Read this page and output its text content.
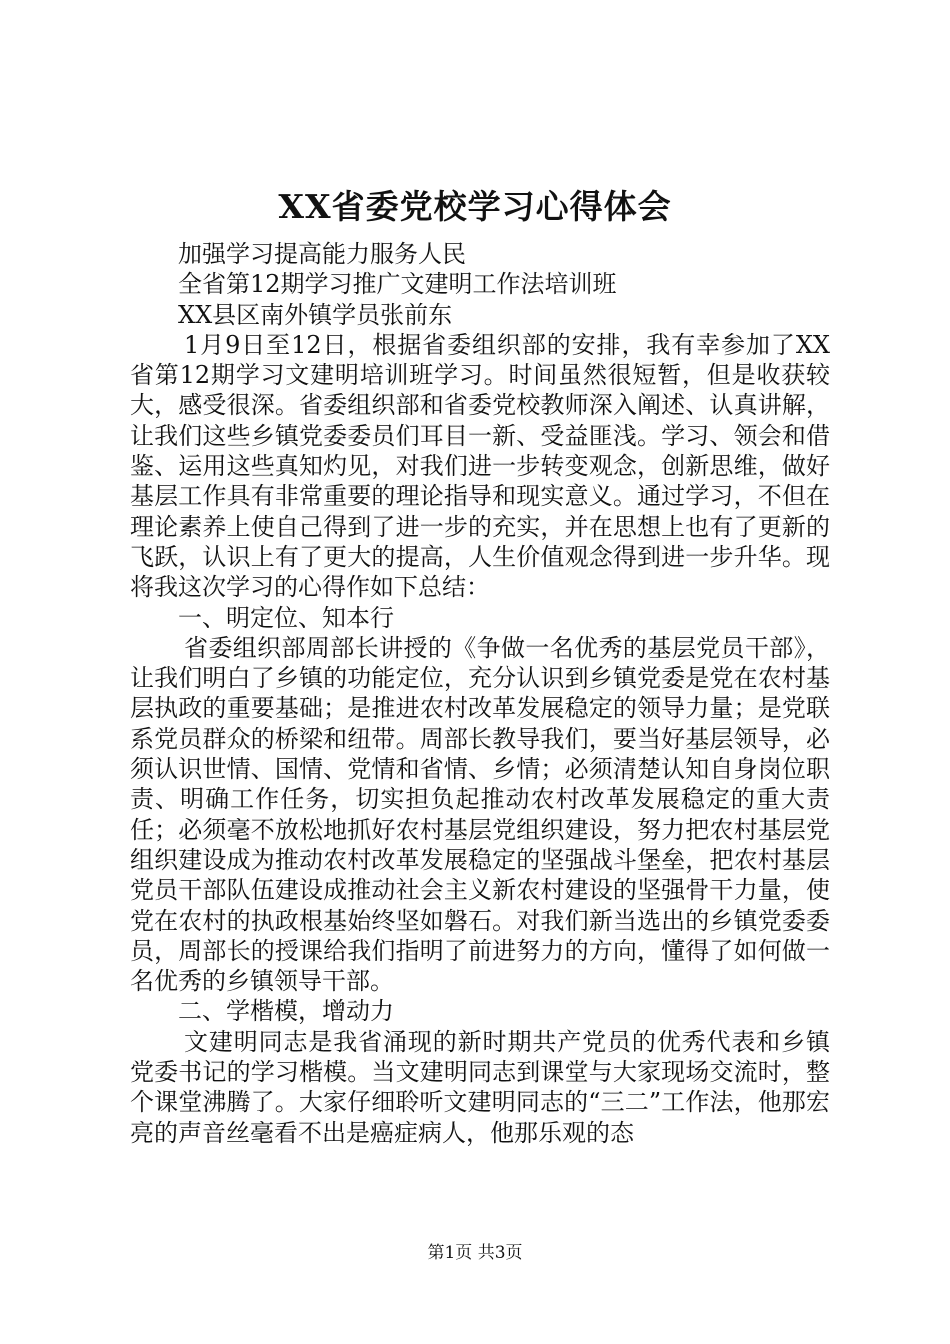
XX省委党校学习心得体会

加强学习提高能力服务人民

全省第12期学习推广文建明工作法培训班

XX县区南外镇学员张前东

1月9日至12日，根据省委组织部的安排，我有幸参加了XX省第12期学习文建明培训班学习。时间虽然很短暂，但是收获较大，感受很深。省委组织部和省委党校教师深入阐述、认真讲解，让我们这些乡镇党委委员们耳目一新、受益匪浅。学习、领会和借鉴、运用这些真知灼见，对我们进一步转变观念，创新思维，做好基层工作具有非常重要的理论指导和现实意义。通过学习，不但在理论素养上使自己得到了进一步的充实，并在思想上也有了更新的飞跃，认识上有了更大的提高，人生价值观念得到进一步升华。现将我这次学习的心得作如下总结：

一、明定位、知本行

省委组织部周部长讲授的《争做一名优秀的基层党员干部》，让我们明白了乡镇的功能定位，充分认识到乡镇党委是党在农村基层执政的重要基础；是推进农村改革发展稳定的领导力量；是党联系党员群众的桥梁和纽带。周部长教导我们，要当好基层领导，必须认识世情、国情、党情和省情、乡情；必须清楚认知自身岗位职责、明确工作任务，切实担负起推动农村改革发展稳定的重大责任；必须毫不放松地抓好农村基层党组织建设，努力把农村基层党组织建设成为推动农村改革发展稳定的坚强战斗堡垒，把农村基层党员干部队伍建设成推动社会主义新农村建设的坚强骨干力量，使党在农村的执政根基始终坚如磐石。对我们新当选出的乡镇党委委员，周部长的授课给我们指明了前进努力的方向，懂得了如何做一名优秀的乡镇领导干部。

二、学楷模，增动力

文建明同志是我省涌现的新时期共产党员的优秀代表和乡镇党委书记的学习楷模。当文建明同志到课堂与大家现场交流时，整个课堂沸腾了。大家仔细聆听文建明同志的“三二”工作法，他那宏亮的声音丝毫看不出是癌症病人，他那乐观的态

第1页 共3页
